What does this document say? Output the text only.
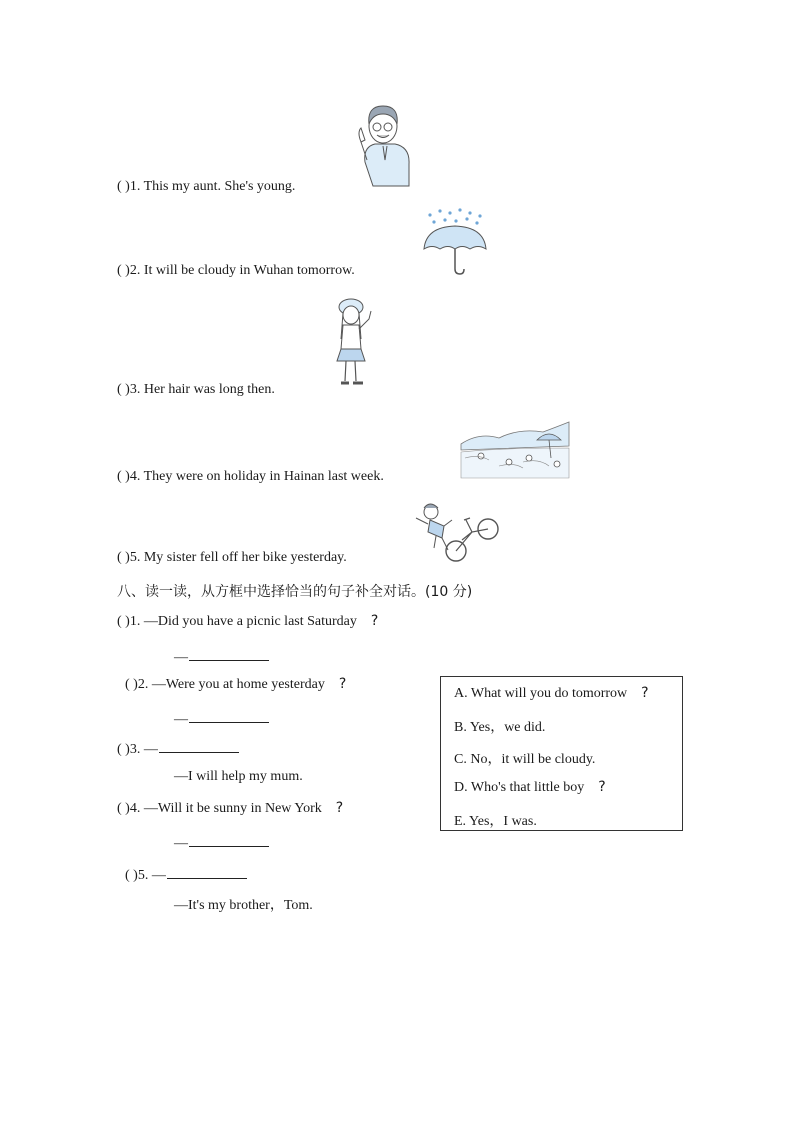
( )1. This my aunt. She's young.
( )2. It will be cloudy in Wuhan tomorrow.
( )3. Her hair was long then.
( )4. They were on holiday in Hainan last week.
( )5. My sister fell off her bike yesterday.
八、读一读，从方框中选择恰当的句子补全对话。(10 分)
( )1. —Did you have a picnic last Saturday ?
—
( )2. —Were you at home yesterday ?
—
( )3. —
—I will help my mum.
( )4. —Will it be sunny in New York ?
—
( )5. —
—It's my brother，Tom.
A. What will you do tomorrow ?
B. Yes，we did.
C. No，it will be cloudy.
D. Who's that little boy ?
E. Yes，I was.
